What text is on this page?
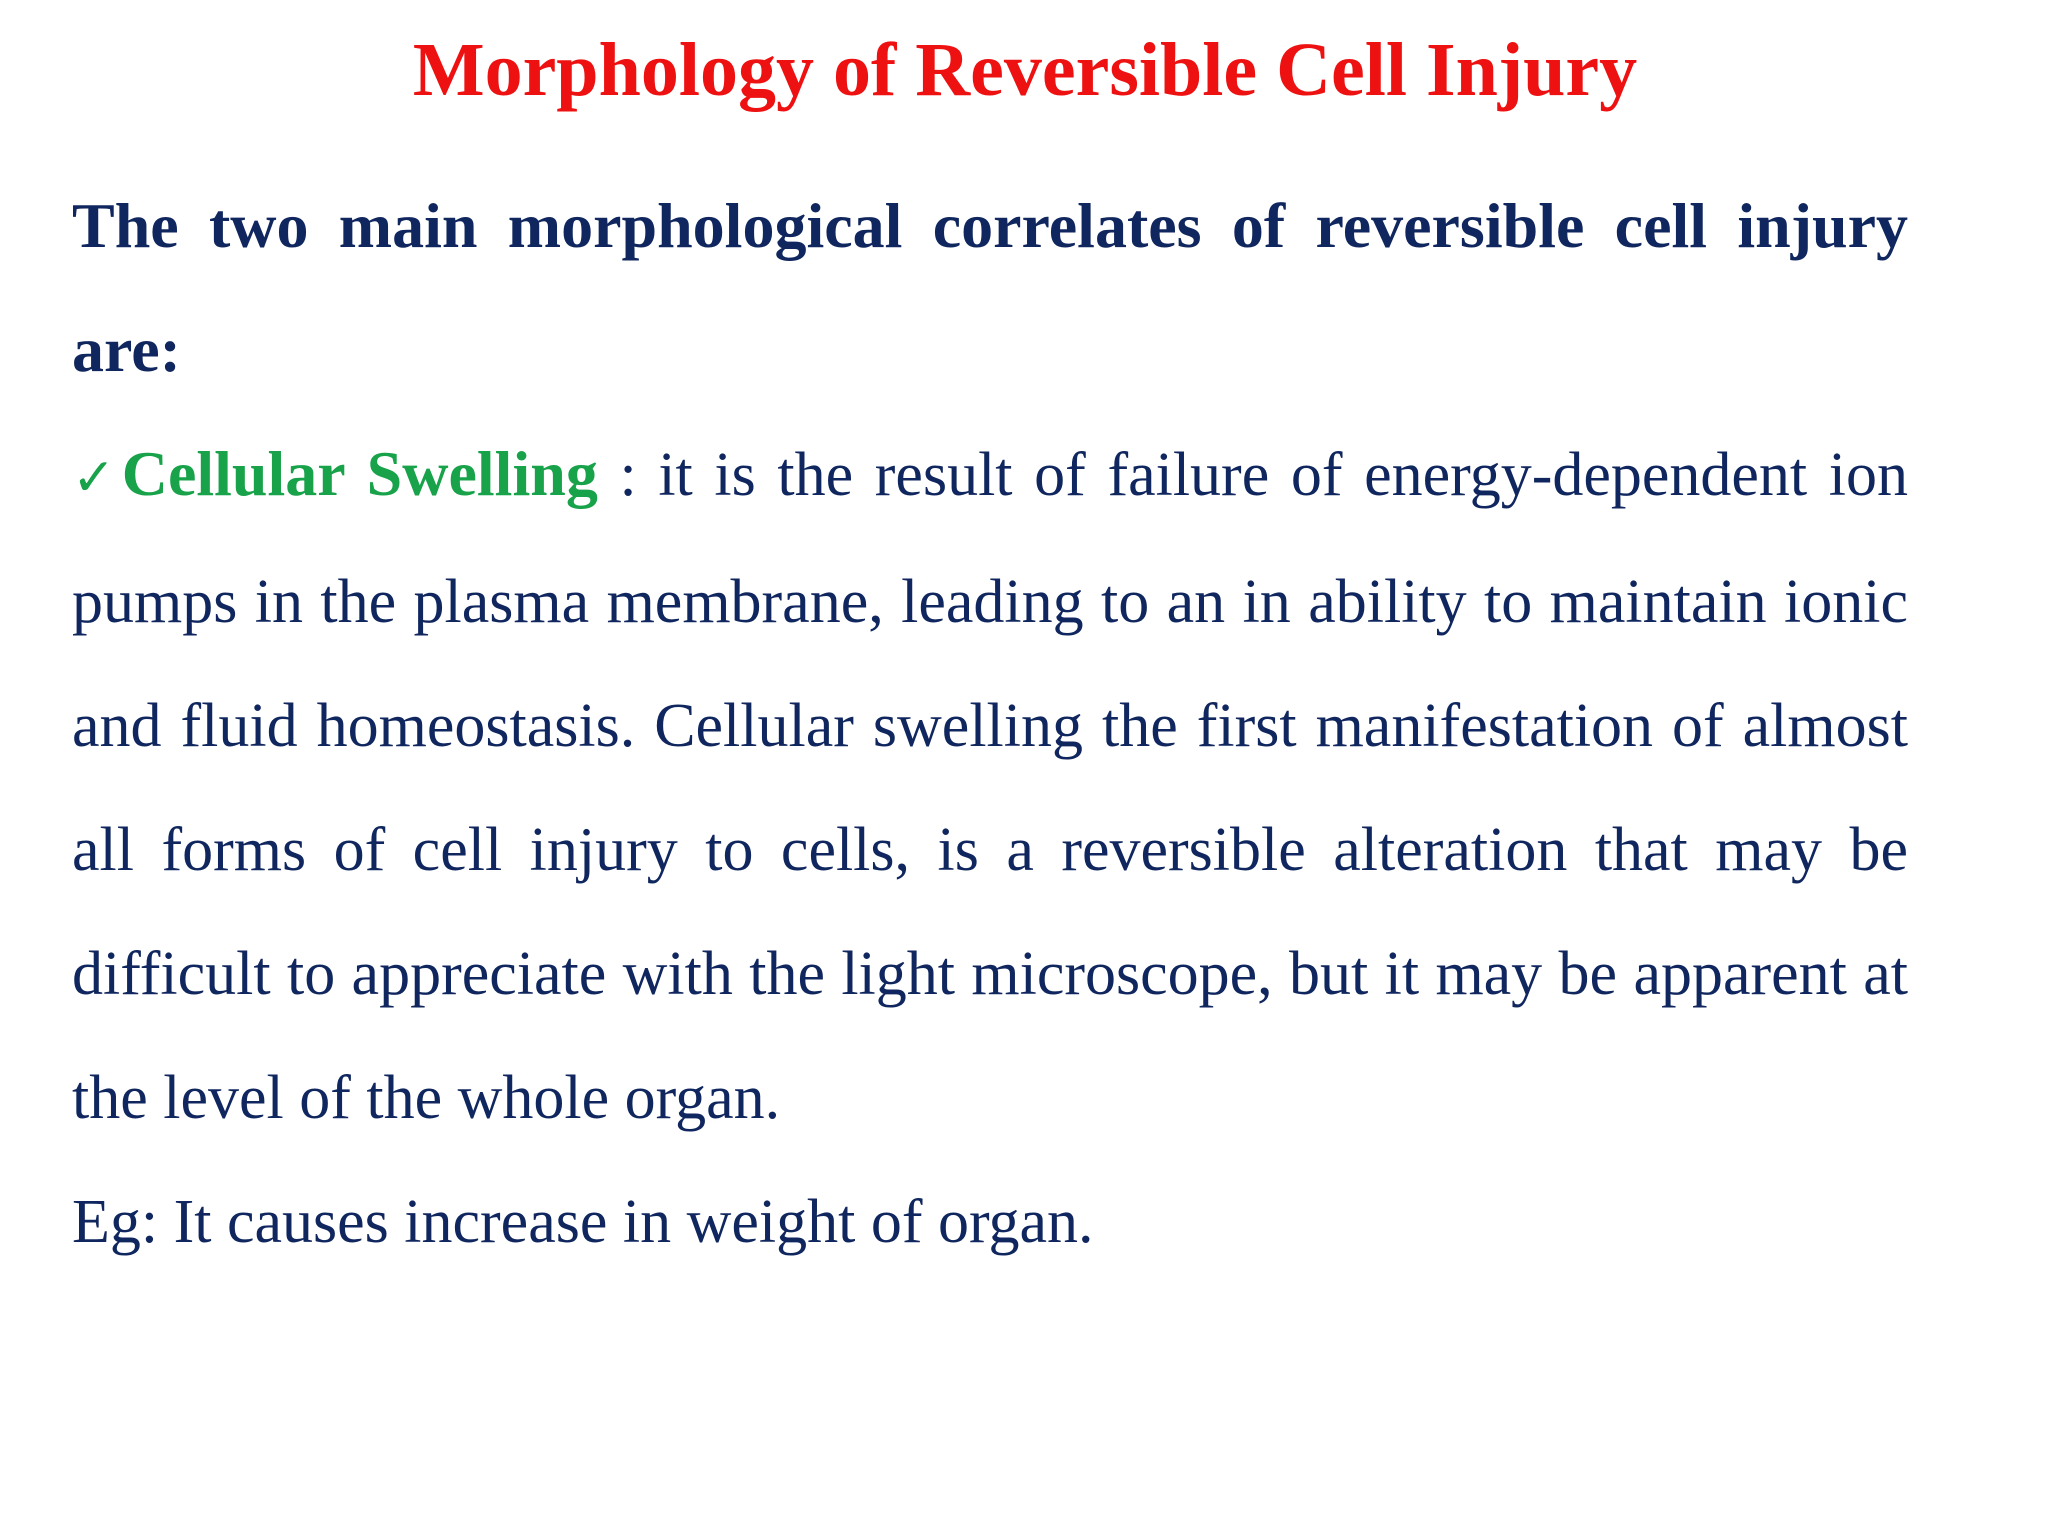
Morphology of Reversible Cell Injury

The two main morphological correlates of reversible cell injury are:

✓Cellular Swelling : it is the result of failure of energy-dependent ion pumps in the plasma membrane, leading to an in ability to maintain ionic and fluid homeostasis. Cellular swelling the first manifestation of almost all forms of cell injury to cells, is a reversible alteration that may be difficult to appreciate with the light microscope, but it may be apparent at the level of the whole organ.

Eg: It causes increase in weight of organ.
